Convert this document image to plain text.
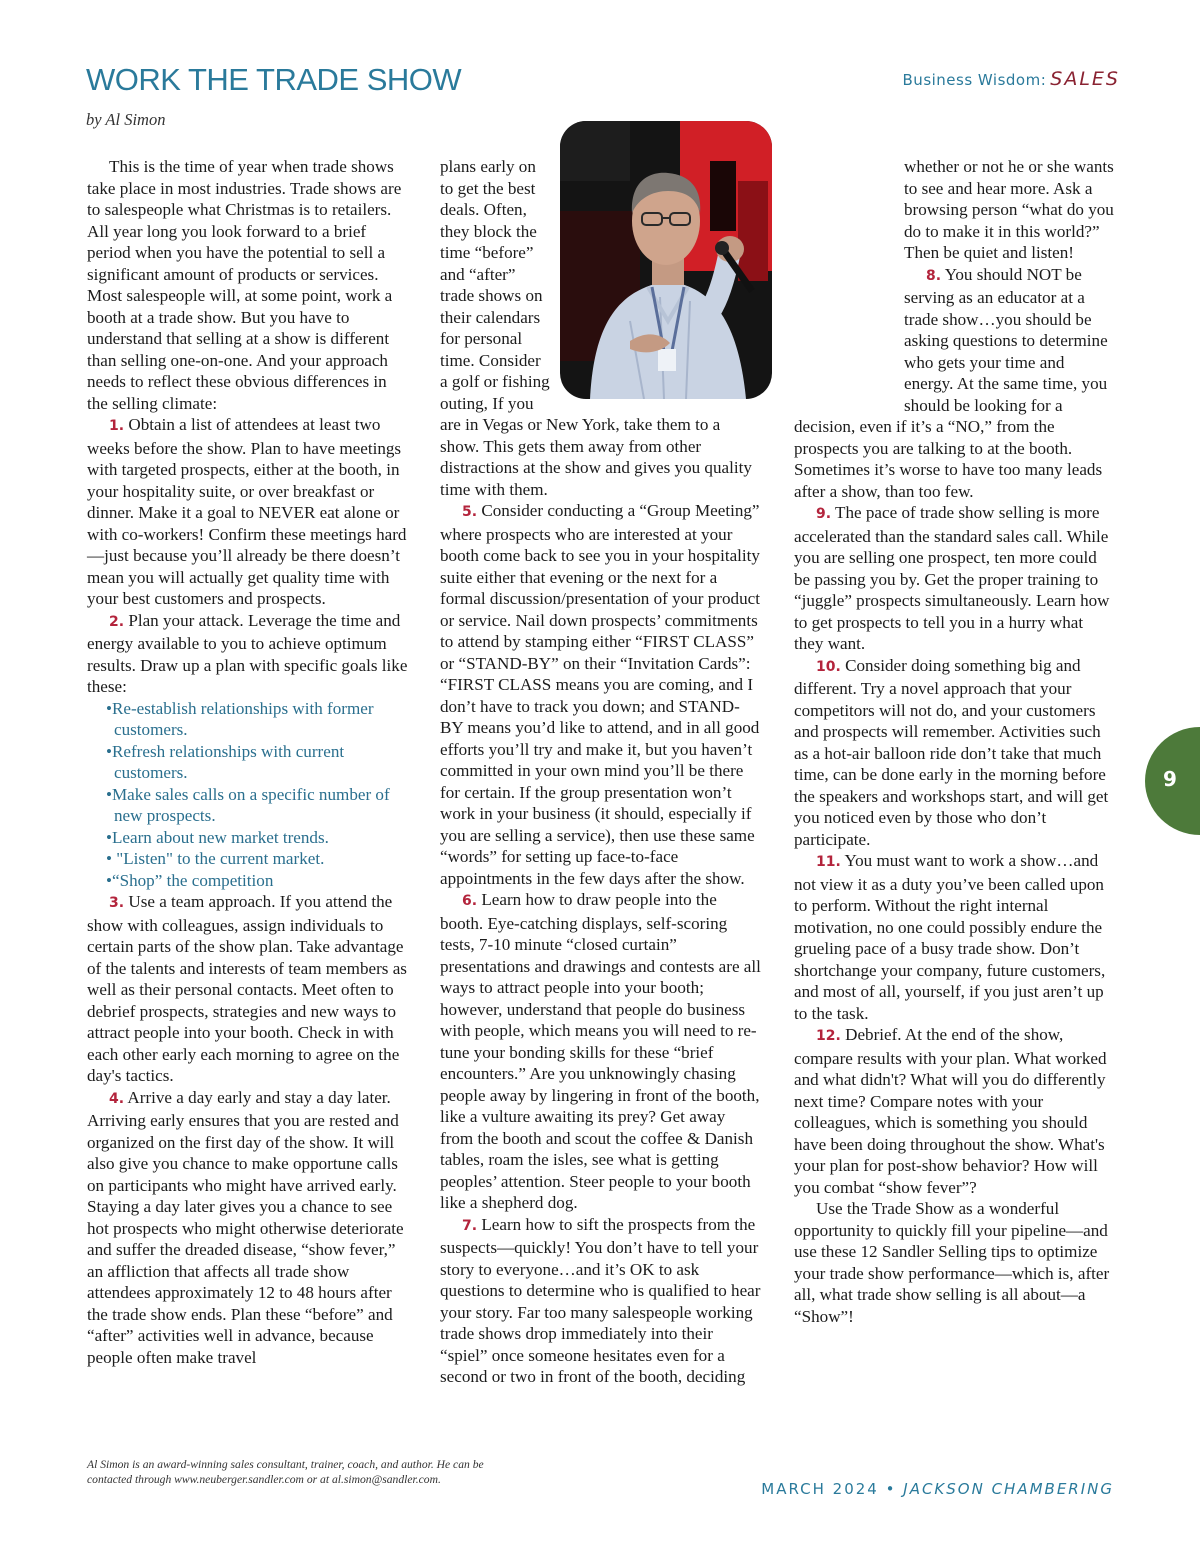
WORK THE TRADE SHOW
by Al Simon
Business Wisdom: SALES

This is the time of year when trade shows take place in most industries. Trade shows are to salespeople what Christmas is to retailers. All year long you look forward to a brief period when you have the potential to sell a significant amount of products or services. Most salespeople will, at some point, work a booth at a trade show. But you have to understand that selling at a show is different than selling one-on-one. And your approach needs to reflect these obvious differences in the selling climate:

1. Obtain a list of attendees at least two weeks before the show. Plan to have meetings with targeted prospects, either at the booth, in your hospitality suite, or over breakfast or dinner. Make it a goal to NEVER eat alone or with co-workers! Confirm these meetings hard—just because you’ll already be there doesn’t mean you will actually get quality time with your best customers and prospects.

2. Plan your attack. Leverage the time and energy available to you to achieve optimum results. Draw up a plan with specific goals like these:

•Re-establish relationships with former customers.
•Refresh relationships with current customers.
•Make sales calls on a specific number of new prospects.
•Learn about new market trends.
• "Listen" to the current market.
•“Shop” the competition

3. Use a team approach. If you attend the show with colleagues, assign individuals to certain parts of the show plan. Take advantage of the talents and interests of team members as well as their personal contacts. Meet often to debrief prospects, strategies and new ways to attract people into your booth. Check in with each other early each morning to agree on the day's tactics.

4. Arrive a day early and stay a day later. Arriving early ensures that you are rested and organized on the first day of the show. It will also give you chance to make opportune calls on participants who might have arrived early. Staying a day later gives you a chance to see hot prospects who might otherwise deteriorate and suffer the dreaded disease, “show fever,” an affliction that affects all trade show attendees approximately 12 to 48 hours after the trade show ends. Plan these “before” and “after” activities well in advance, because people often make travel

plans early on to get the best deals. Often, they block the time “before” and “after” trade shows on their calendars for personal time. Consider a golf or fishing outing, If you are in Vegas or New York, take them to a show. This gets them away from other distractions at the show and gives you quality time with them.

5. Consider conducting a “Group Meeting” where prospects who are interested at your booth come back to see you in your hospitality suite either that evening or the next for a formal discussion/presentation of your product or service. Nail down prospects’ commitments to attend by stamping either “FIRST CLASS” or “STAND-BY” on their “Invitation Cards”: “FIRST CLASS means you are coming, and I don’t have to track you down; and STAND-BY means you’d like to attend, and in all good efforts you’ll try and make it, but you haven’t committed in your own mind you’ll be there for certain. If the group presentation won’t work in your business (it should, especially if you are selling a service), then use these same “words” for setting up face-to-face appointments in the few days after the show.

6. Learn how to draw people into the booth. Eye-catching displays, self-scoring tests, 7-10 minute “closed curtain” presentations and drawings and contests are all ways to attract people into your booth; however, understand that people do business with people, which means you will need to re-tune your bonding skills for these “brief encounters.” Are you unknowingly chasing people away by lingering in front of the booth, like a vulture awaiting its prey? Get away from the booth and scout the coffee & Danish tables, roam the isles, see what is getting peoples’ attention. Steer people to your booth like a shepherd dog.

7. Learn how to sift the prospects from the suspects—quickly! You don’t have to tell your story to everyone…and it’s OK to ask questions to determine who is qualified to hear your story. Far too many salespeople working trade shows drop immediately into their “spiel” once someone hesitates even for a second or two in front of the booth, deciding

whether or not he or she wants to see and hear more. Ask a browsing person “what do you do to make it in this world?” Then be quiet and listen!

8. You should NOT be serving as an educator at a trade show…you should be asking questions to determine who gets your time and energy. At the same time, you should be looking for a decision, even if it’s a “NO,” from the prospects you are talking to at the booth. Sometimes it’s worse to have too many leads after a show, than too few.

9. The pace of trade show selling is more accelerated than the standard sales call. While you are selling one prospect, ten more could be passing you by. Get the proper training to “juggle” prospects simultaneously. Learn how to get prospects to tell you in a hurry what they want.

10. Consider doing something big and different. Try a novel approach that your competitors will not do, and your customers and prospects will remember. Activities such as a hot-air balloon ride don’t take that much time, can be done early in the morning before the speakers and workshops start, and will get you noticed even by those who don’t participate.

11. You must want to work a show…and not view it as a duty you’ve been called upon to perform. Without the right internal motivation, no one could possibly endure the grueling pace of a busy trade show. Don’t shortchange your company, future customers, and most of all, yourself, if you just aren’t up to the task.

12. Debrief. At the end of the show, compare results with your plan. What worked and what didn't? What will you do differently next time? Compare notes with your colleagues, which is something you should have been doing throughout the show. What's your plan for post-show behavior? How will you combat “show fever”?

Use the Trade Show as a wonderful opportunity to quickly fill your pipeline—and use these 12 Sandler Selling tips to optimize your trade show performance—which is, after all, what trade show selling is all about—a “Show”!

Al Simon is an award-winning sales consultant, trainer, coach, and author. He can be contacted through www.neuberger.sandler.com or at al.simon@sandler.com.
MARCH 2024 • JACKSON CHAMBERING
9
